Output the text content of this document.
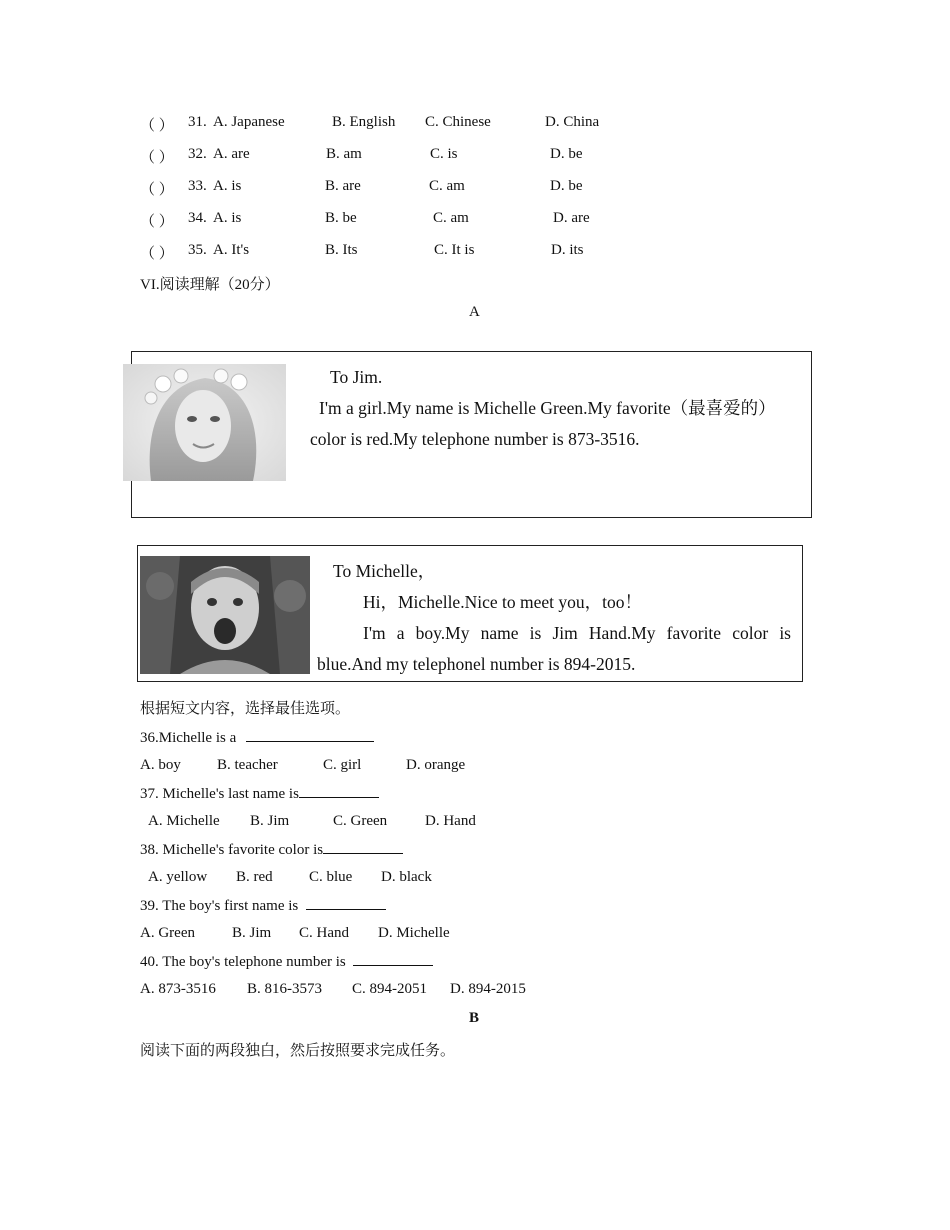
（ ） 31. A. Japanese	B. English C. Chinese	D. China
（ ） 32. A. are	B. am	C. is	D. be
（ ） 33. A. is	B. are	C. am	D. be
（ ） 34. A. is	B. be	C. am	D. are
（ ） 35. A. It's	B. Its	C. It is	D. its
VI.阅读理解（20分）
A
To Jim.
I'm a girl.My name is Michelle Green.My favorite（最喜爱的）
color is red.My telephone number is 873-3516.
To Michelle，
Hi，Michelle.Nice to meet you，too！
I'm a boy.My name is Jim Hand.My favorite color is
blue.And my telephonel number is 894-2015.
根据短文内容，选择最佳选项。
36.Michelle is a
A. boy B. teacher	C. girl	D. orange
37. Michelle's last name is
A. Michelle B. Jim	C. Green	D. Hand
38. Michelle's favorite color is
A. yellow B. red C. blue D. black
39. The boy's first name is
A. Green B. Jim C. Hand D. Michelle
40. The boy's telephone number is
A. 873-3516 B. 816-3573 C. 894-2051 D. 894-2015
B
阅读下面的两段独白，然后按照要求完成任务。
